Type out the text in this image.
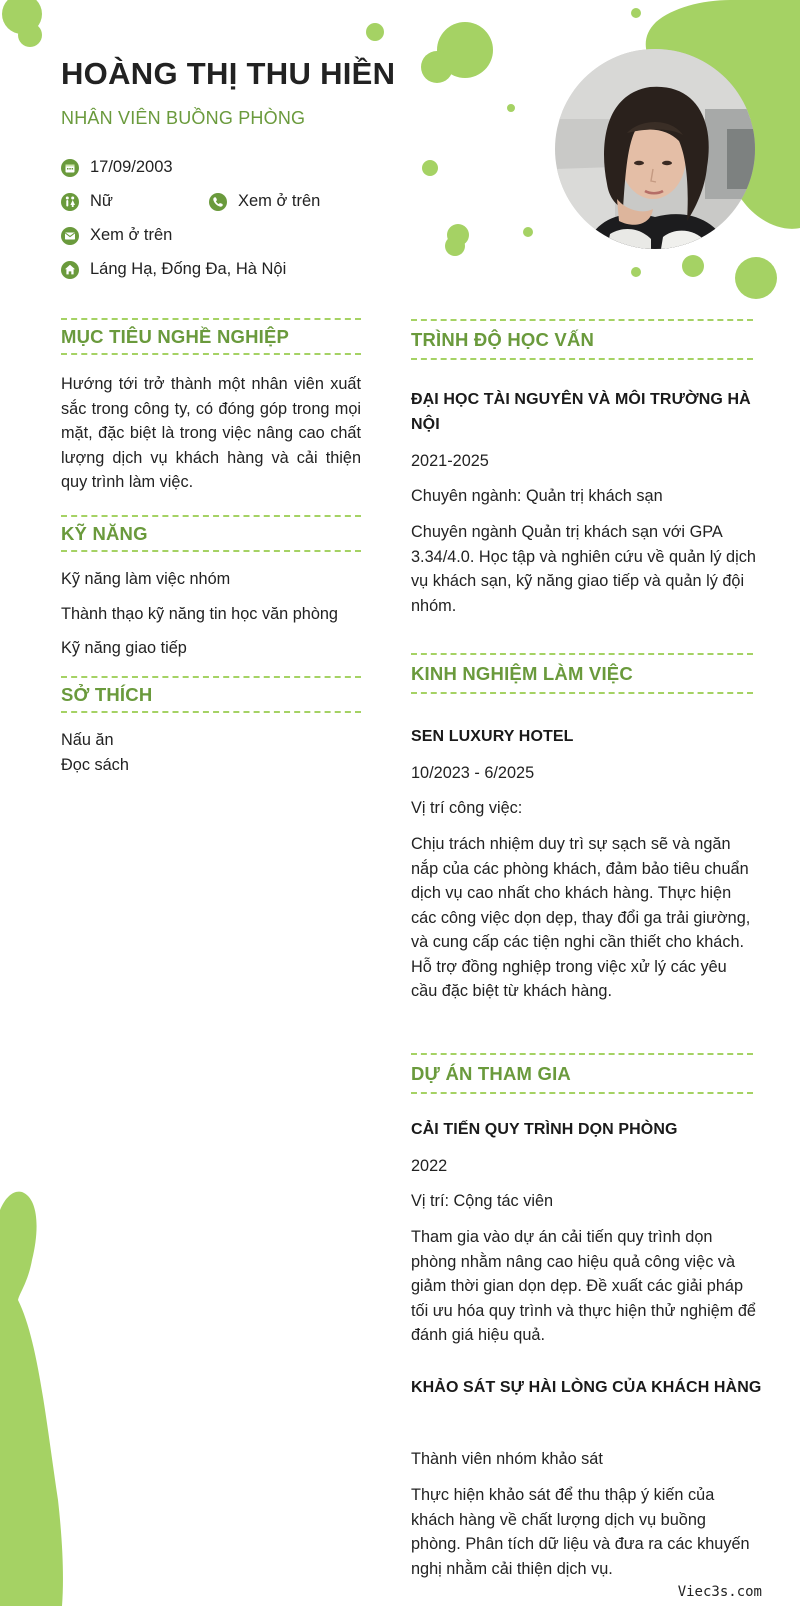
HOÀNG THỊ THU HIỀN
NHÂN VIÊN BUỒNG PHÒNG
17/09/2003
Nữ	Xem ở trên
Xem ở trên
Láng Hạ, Đống Đa, Hà Nội
MỤC TIÊU NGHỀ NGHIỆP

Hướng tới trở thành một nhân viên xuất sắc trong công ty, có đóng góp trong mọi mặt, đặc biệt là trong việc nâng cao chất lượng dịch vụ khách hàng và cải thiện quy trình làm việc.

KỸ NĂNG
Kỹ năng làm việc nhóm
Thành thạo kỹ năng tin học văn phòng
Kỹ năng giao tiếp
SỞ THÍCH
Nấu ăn
Đọc sách
TRÌNH ĐỘ HỌC VẤN
ĐẠI HỌC TÀI NGUYÊN VÀ MÔI TRƯỜNG HÀ NỘI
2021-2025
Chuyên ngành: Quản trị khách sạn

Chuyên ngành Quản trị khách sạn với GPA 3.34/4.0. Học tập và nghiên cứu về quản lý dịch vụ khách sạn, kỹ năng giao tiếp và quản lý đội nhóm.

KINH NGHIỆM LÀM VIỆC
SEN LUXURY HOTEL
10/2023 - 6/2025
Vị trí công việc:

Chịu trách nhiệm duy trì sự sạch sẽ và ngăn nắp của các phòng khách, đảm bảo tiêu chuẩn dịch vụ cao nhất cho khách hàng. Thực hiện các công việc dọn dẹp, thay đổi ga trải giường, và cung cấp các tiện nghi cần thiết cho khách. Hỗ trợ đồng nghiệp trong việc xử lý các yêu cầu đặc biệt từ khách hàng.

DỰ ÁN THAM GIA
CẢI TIẾN QUY TRÌNH DỌN PHÒNG
2022
Vị trí: Cộng tác viên

Tham gia vào dự án cải tiến quy trình dọn phòng nhằm nâng cao hiệu quả công việc và giảm thời gian dọn dẹp. Đề xuất các giải pháp tối ưu hóa quy trình và thực hiện thử nghiệm để đánh giá hiệu quả.

KHẢO SÁT SỰ HÀI LÒNG CỦA KHÁCH HÀNG
Thành viên nhóm khảo sát

Thực hiện khảo sát để thu thập ý kiến của khách hàng về chất lượng dịch vụ buồng phòng. Phân tích dữ liệu và đưa ra các khuyến nghị nhằm cải thiện dịch vụ.

Viec3s.com
